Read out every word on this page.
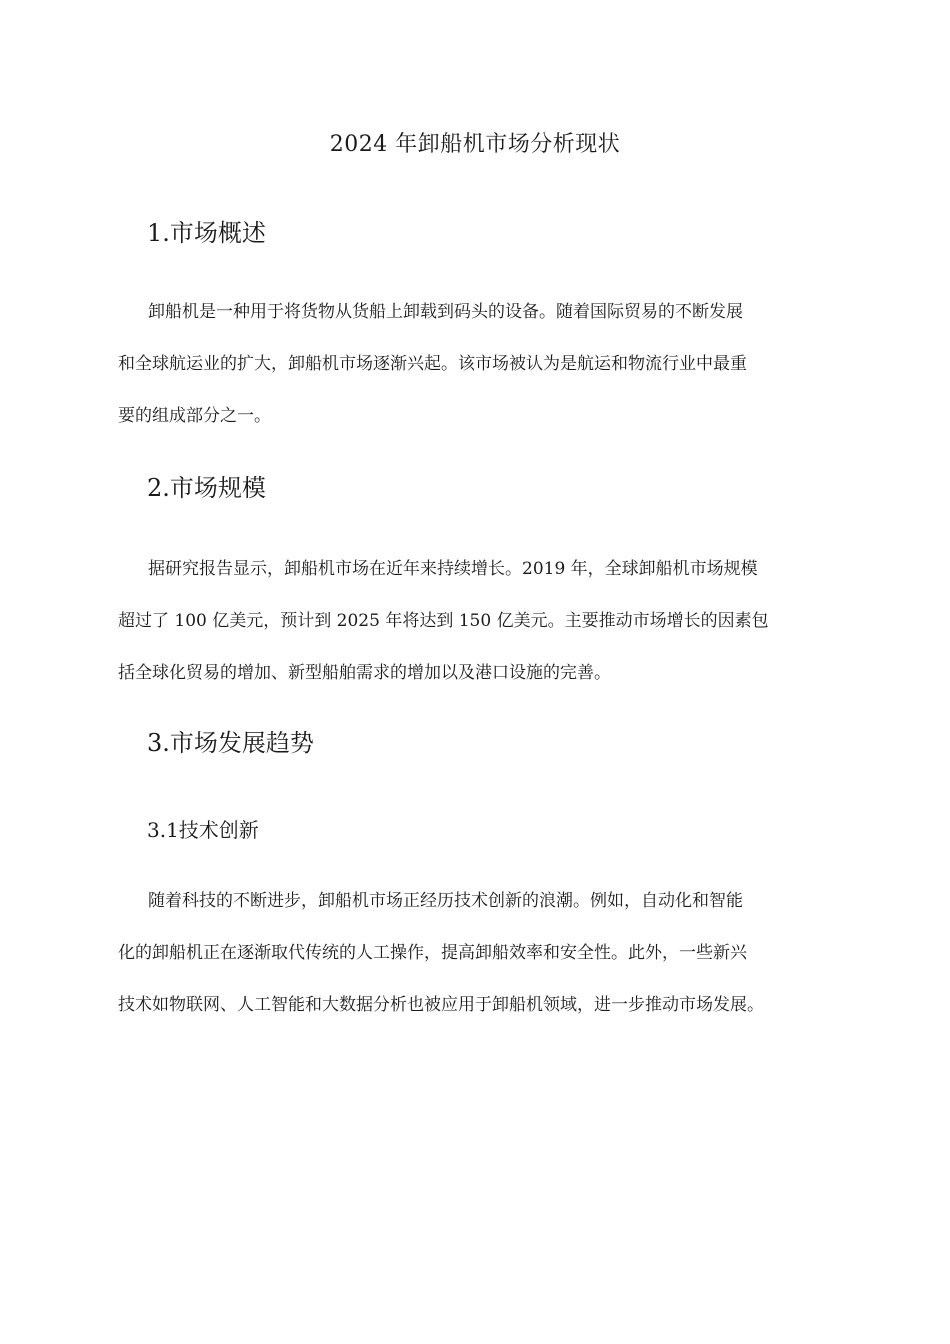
2024 年卸船机市场分析现状
1.市场概述
卸船机是一种用于将货物从货船上卸载到码头的设备。随着国际贸易的不断发展
和全球航运业的扩大，卸船机市场逐渐兴起。该市场被认为是航运和物流行业中最重
要的组成部分之一。
2.市场规模
据研究报告显示，卸船机市场在近年来持续增长。2019 年，全球卸船机市场规模
超过了 100 亿美元，预计到 2025 年将达到 150 亿美元。主要推动市场增长的因素包
括全球化贸易的增加、新型船舶需求的增加以及港口设施的完善。
3.市场发展趋势
3.1技术创新
随着科技的不断进步，卸船机市场正经历技术创新的浪潮。例如，自动化和智能
化的卸船机正在逐渐取代传统的人工操作，提高卸船效率和安全性。此外，一些新兴
技术如物联网、人工智能和大数据分析也被应用于卸船机领域，进一步推动市场发展。
